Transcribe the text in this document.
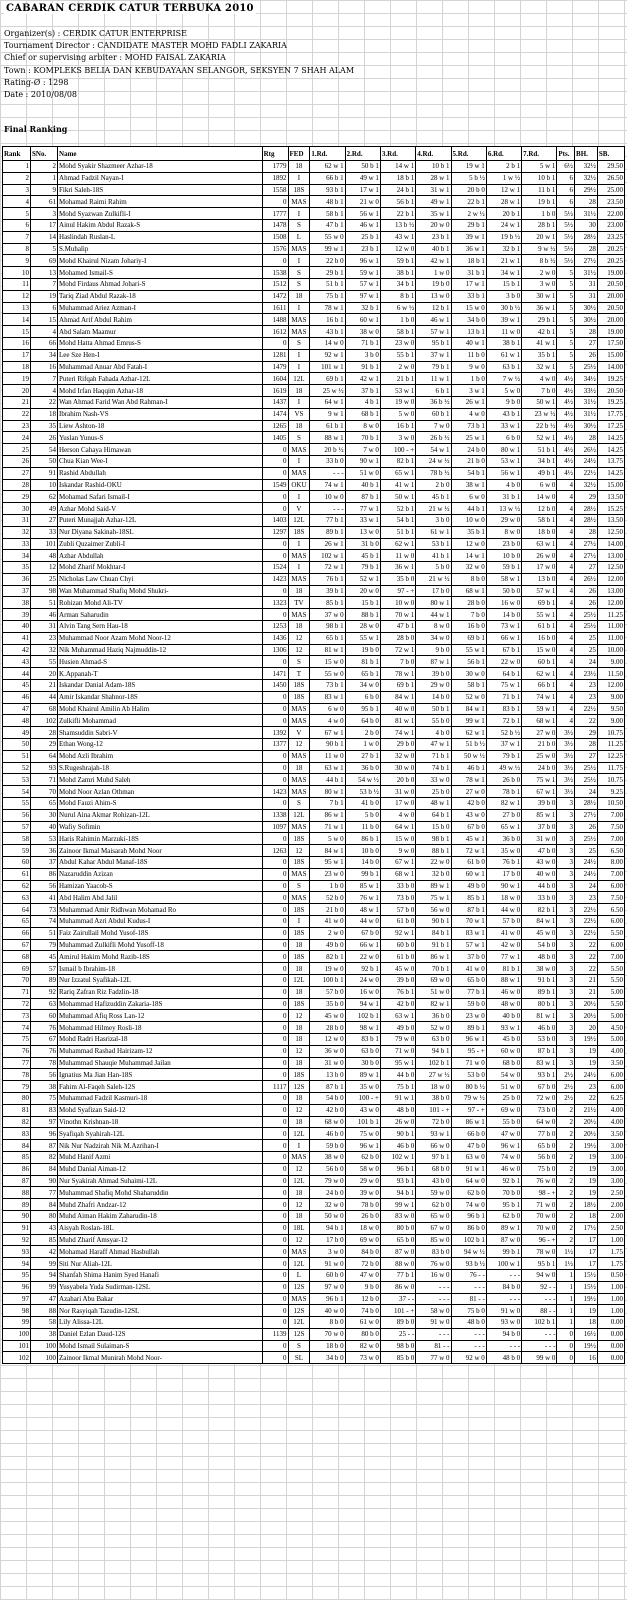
CABARAN CERDIK CATUR TERBUKA 2010
Organizer(s) : CERDIK CATUR ENTERPRISE
Tournament Director : CANDIDATE MASTER MOHD FADLI ZAKARIA
Chief or supervising arbiter : MOHD FAISAL ZAKARIA
Town : KOMPLEKS BELIA DAN KEBUDAYAAN SELANGOR, SEKSYEN 7 SHAH ALAM
Rating-Ø : 1298
Date : 2010/08/08
Final Ranking
Rank	SNo.	Name	Rtg	FED	1.Rd.	2.Rd.	3.Rd.	4.Rd.	5.Rd.	6.Rd.	7.Rd.	Pts.	BH.	SB.
1	2	Mohd Syakir Shazmeer Azhar-18	1779	18	62 w 1	50 b 1	14 w 1	10 b 1	19 w 1	2 b 1	5 w 1	6½	32½	29.50
2	1	Ahmad Fadzil Nayan-I	1892	I	66 b 1	49 w 1	18 b 1	28 w 1	5 b ½	1 w ½	10 b 1	6	32½	26.50
3	9	Fikri Saleh-18S	1558	18S	93 b 1	17 w 1	24 b 1	31 w 1	20 b 0	12 w 1	11 b 1	6	29½	25.00
4	61	Mohamad Raimi Rahim	0	MAS	48 b 1	21 w 0	56 b 1	49 w 1	22 b 1	28 w 1	19 b 1	6	28	23.50
5	3	Mohd Syazwan Zulkifli-I	1777	I	58 b 1	56 w 1	22 b 1	35 w 1	2 w ½	20 b 1	1 b 0	5½	31½	22.00
6	17	Ainul Hakim Abdul Razak-S	1478	S	47 b 1	46 w 1	13 b ½	20 w 0	29 b 1	24 w 1	28 b 1	5½	30	23.00
7	14	Haslindah Ruslan-L	1508	L	55 w 0	25 b 1	43 w 1	23 b 1	39 w 1	19 b ½	20 w 1	5½	28½	23.25
8	5	S.Muhalip	1576	MAS	99 w 1	23 b 1	12 w 0	40 b 1	36 w 1	32 b 1	9 w ½	5½	28	20.25
9	69	Mohd Khairul Nizam Johariy-I	0	I	22 b 0	96 w 1	59 b 1	42 w 1	18 b 1	21 w 1	8 b ½	5½	27½	20.25
10	13	Mohamed Ismail-S	1538	S	29 b 1	59 w 1	38 b 1	1 w 0	31 b 1	34 w 1	2 w 0	5	31½	19.00
11	7	Mohd Firdaus Ahmad Johari-S	1512	S	51 b 1	57 w 1	34 b 1	19 b 0	17 w 1	15 b 1	3 w 0	5	31	20.50
12	19	Tariq Ziad Abdul Razak-18	1472	18	75 b 1	97 w 1	8 b 1	13 w 0	33 b 1	3 b 0	30 w 1	5	31	20.00
13	6	Muhammad Ariez Azman-I	1611	I	78 w 1	32 b 1	6 w ½	12 b 1	15 w 0	30 b ½	36 w 1	5	30½	20.50
14	15	Ahmad Arif Abdul Rahim	1488	MAS	16 b 1	60 w 1	1 b 0	46 w 1	34 b 0	39 w 1	29 b 1	5	30½	20.00
15	4	Abd Salam Maamur	1612	MAS	43 b 1	38 w 0	58 b 1	57 w 1	13 b 1	11 w 0	42 b 1	5	28	19.00
16	66	Mohd Hatta Ahmad Emrus-S	0	S	14 w 0	71 b 1	23 w 0	95 b 1	40 w 1	38 b 1	41 w 1	5	27	17.50
17	34	Lee Sze Hen-I	1281	I	92 w 1	3 b 0	55 b 1	37 w 1	11 b 0	61 w 1	35 b 1	5	26	15.00
18	16	Muhammad Anuar Abd Fatah-I	1479	I	101 w 1	91 b 1	2 w 0	79 b 1	9 w 0	63 b 1	32 w 1	5	25½	14.00
19	7	Puteri Rifqah Fahada Azhar-12L	1604	12L	69 b 1	42 w 1	21 b 1	11 w 1	1 b 0	7 w ½	4 w 0	4½	34½	19.25
20	4	Mohd Irfan Haqqim Azhar-18	1619	18	25 w ½	37 b 1	53 w 1	6 b 1	3 w 1	5 w 0	7 b 0	4½	33½	20.50
21	22	Wan Ahmad Farid Wan Abd Rahman-I	1437	I	64 w 1	4 b 1	19 w 0	36 b ½	26 w 1	9 b 0	50 w 1	4½	31½	19.25
22	18	Ibrahim Nash-VS	1474	VS	9 w 1	68 b 1	5 w 0	60 b 1	4 w 0	43 b 1	23 w ½	4½	31½	17.75
23	35	Liew Ashton-18	1265	18	61 b 1	8 w 0	16 b 1	7 w 0	73 b 1	33 w 1	22 b ½	4½	30½	17.25
24	26	Yuslan Yunus-S	1405	S	88 w 1	70 b 1	3 w 0	26 b ½	25 w 1	6 b 0	52 w 1	4½	28	14.25
25	54	Herson Cahaya Himawan	0	MAS	20 b ½	7 w 0	100 - +	54 w 1	24 b 0	80 w 1	51 b 1	4½	26½	14.25
26	50	Chua Kian Wee-I	0	I	33 b 0	90 w 1	82 b 1	24 w ½	21 b 0	53 w 1	34 b 1	4½	24½	13.75
27	91	Rashid Abdullah	0	MAS	- - -	51 w 0	65 w 1	78 b ½	54 b 1	56 w 1	49 b 1	4½	22½	14.25
28	10	Iskandar Rashid-OKU	1549	OKU	74 w 1	40 b 1	41 w 1	2 b 0	38 w 1	4 b 0	6 w 0	4	32½	15.00
29	62	Mohamad Safari Ismail-I	0	I	10 w 0	87 b 1	50 w 1	45 b 1	6 w 0	31 b 1	14 w 0	4	29	13.50
30	49	Azhar Mohd Said-V	0	V	- - -	77 w 1	52 b 1	21 w ½	44 b 1	13 w ½	12 b 0	4	28½	15.25
31	27	Puteri Munajjah Azhar-12L	1403	12L	77 b 1	33 w 1	54 b 1	3 b 0	10 w 0	29 w 0	58 b 1	4	28½	13.50
32	33	Nur Diyana Sakinah-18SL	1297	18S	89 b 1	13 w 0	51 b 1	61 w 1	35 b 1	8 w 0	18 b 0	4	28	12.50
33	101	Zubli Quzaimer Zubli-I	0	I	26 w 1	31 b 0	62 w 1	53 b 1	12 w 0	23 b 0	63 w 1	4	27½	14.00
34	48	Azhar Abdullah	0	MAS	102 w 1	45 b 1	11 w 0	41 b 1	14 w 1	10 b 0	26 w 0	4	27½	13.00
35	12	Mohd Zharif Mokhtar-I	1524	I	72 w 1	79 b 1	36 w 1	5 b 0	32 w 0	59 b 1	17 w 0	4	27	12.50
36	25	Nicholas Law Chuan Chyi	1423	MAS	76 b 1	52 w 1	35 b 0	21 w ½	8 b 0	58 w 1	13 b 0	4	26½	12.00
37	98	Wan Muhammad Shafiq Mohd Shukri-	0	18	39 b 1	20 w 0	97 - +	17 b 0	68 w 1	50 b 0	57 w 1	4	26	13.00
38	51	Rohizan Mohd Ali-TV	1323	TV	85 b 1	15 b 1	10 w 0	80 w 1	28 b 0	16 w 0	69 b 1	4	26	12.00
39	46	Arman Saharudin	0	MAS	37 w 0	88 b 1	70 w 1	44 w 1	7 b 0	14 b 0	55 w 1	4	25½	11.25
40	31	Alvin Tang Sern Hau-18	1253	18	98 b 1	28 w 0	47 b 1	8 w 0	16 b 0	73 w 1	61 b 1	4	25½	11.00
41	23	Muhammad Noor Azam Mohd Noor-12	1436	12	65 b 1	55 w 1	28 b 0	34 w 0	69 b 1	66 w 1	16 b 0	4	25	11.00
42	32	Nik Muhammad Haziq Najmuddin-12	1306	12	81 w 1	19 b 0	72 w 1	9 b 0	55 w 1	67 b 1	15 w 0	4	25	10.00
43	55	Husien Ahmad-S	0	S	15 w 0	81 b 1	7 b 0	87 w 1	56 b 1	22 w 0	60 b 1	4	24	9.00
44	20	K.Appanah-T	1471	T	55 w 0	65 b 1	78 w 1	39 b 0	30 w 0	64 b 1	62 w 1	4	23½	11.50
45	21	Iskandar Danial Adam-18S	1450	18S	73 b 1	34 w 0	69 b 1	29 w 0	58 b 1	75 w 1	66 b 1	4	23	12.00
46	44	Amir Iskandar Shahnor-18S	0	18S	83 w 1	6 b 0	84 w 1	14 b 0	52 w 0	71 b 1	74 w 1	4	23	9.00
47	68	Mohd Khairul Amilin Ab Halim	0	MAS	6 w 0	95 b 1	40 w 0	50 b 1	84 w 1	83 b 1	59 w 1	4	22½	9.50
48	102	Zulkifli Mohammad	0	MAS	4 w 0	64 b 0	81 w 1	55 b 0	99 w 1	72 b 1	68 w 1	4	22	9.00
49	28	Shamsuddin Sabri-V	1392	V	67 w 1	2 b 0	74 w 1	4 b 0	62 w 1	52 b ½	27 w 0	3½	29	10.75
50	29	Ethan Wong-12	1377	12	90 b 1	1 w 0	29 b 0	47 w 1	51 b ½	37 w 1	21 b 0	3½	28	11.25
51	64	Mohd Azli Ibrahim	0	MAS	11 w 0	27 b 1	32 w 0	71 b 1	50 w ½	79 b 1	25 w 0	3½	27	12.25
52	93	S.Rugeshrajah-18	0	18	63 w 1	36 b 0	30 w 0	74 b 1	46 b 1	49 w ½	24 b 0	3½	25½	11.75
53	71	Mohd Zamri Muhd Saleh	0	MAS	44 b 1	54 w ½	20 b 0	33 w 0	78 w 1	26 b 0	75 w 1	3½	25½	10.75
54	70	Mohd Noor Azlan Othman	1423	MAS	80 w 1	53 b ½	31 w 0	25 b 0	27 w 0	78 b 1	67 w 1	3½	24	9.25
55	65	Mohd Fauzi Ahim-S	0	S	7 b 1	41 b 0	17 w 0	48 w 1	42 b 0	82 w 1	39 b 0	3	28½	10.50
56	30	Nurul Aina Akmar Rohizan-12L	1338	12L	86 w 1	5 b 0	4 w 0	64 b 1	43 w 0	27 b 0	85 w 1	3	27½	7.00
57	40	Wafiy Sofimin	1097	MAS	71 w 1	11 b 0	64 w 1	15 b 0	67 b 0	65 w 1	37 b 0	3	26	7.50
58	53	Haris Rahimin Marzuki-18S	0	18S	5 w 0	86 b 1	15 w 0	98 b 1	45 w 1	36 b 0	31 w 0	3	25½	7.00
59	36	Zainoor Ikmal Maisarah Mohd Noor	1263	12	84 w 1	10 b 0	9 w 0	88 b 1	72 w 1	35 w 0	47 b 0	3	25	6.50
60	37	Abdul Kahar Abdul Manaf-18S	0	18S	95 w 1	14 b 0	67 w 1	22 w 0	61 b 0	76 b 1	43 w 0	3	24½	8.00
61	86	Nazaruddin Azizan	0	MAS	23 w 0	99 b 1	68 w 1	32 b 0	60 w 1	17 b 0	40 w 0	3	24½	7.00
62	56	Hamizan Yaacob-S	0	S	1 b 0	85 w 1	33 b 0	89 w 1	49 b 0	90 w 1	44 b 0	3	24	6.00
63	41	Abd Halim Abd Jalil	0	MAS	52 b 0	76 w 1	73 b 0	75 w 1	85 b 1	18 w 0	33 b 0	3	23	7.50
64	73	Muhammad Amir Ridhwan Mohamad Ro	0	18S	21 b 0	48 w 1	57 b 0	56 w 0	87 b 1	44 w 0	82 b 1	3	22½	6.50
65	74	Muhammad Azri Abdul Kudus-I	0	I	41 w 0	44 w 0	61 b 0	90 b 1	70 w 1	57 b 0	84 w 1	3	22½	6.00
66	51	Faiz Zairullail Mohd Yusof-18S	0	18S	2 w 0	67 b 0	92 w 1	84 b 1	83 w 1	41 w 0	45 w 0	3	22½	5.50
67	79	Muhammad Zulkifli Mohd Yusoff-18	0	18	49 b 0	66 w 1	60 b 0	91 b 1	57 w 1	42 w 0	54 b 0	3	22	6.00
68	45	Amirul Hakim Mohd Razib-18S	0	18S	82 b 1	22 w 0	61 b 0	86 w 1	37 b 0	77 w 1	48 b 0	3	22	7.00
69	57	Ismail b Ibrahim-18	0	18	19 w 0	92 b 1	45 w 0	70 b 1	41 w 0	81 b 1	38 w 0	3	22	5.50
70	89	Nur Izzatul Syafikah-12L	0	12L	100 b 1	24 w 0	39 b 0	69 w 0	65 b 0	88 w 1	91 b 1	3	21	5.50
71	92	Rariq Zafran Riz Fadzlin-18	0	18	57 b 0	16 w 0	76 b 1	51 w 0	77 b 1	46 w 0	89 b 1	3	21	5.00
72	63	Mohammad Hafizuddin Zakaria-18S	0	18S	35 b 0	94 w 1	42 b 0	82 w 1	59 b 0	48 w 0	80 b 1	3	20½	5.50
73	60	Muhammad Afiq Ross Lan-12	0	12	45 w 0	102 b 1	63 w 1	36 b 0	23 w 0	40 b 0	81 w 1	3	20½	5.00
74	76	Mohammad Hilmey Rosli-18	0	18	28 b 0	98 w 1	49 b 0	52 w 0	89 b 1	93 w 1	46 b 0	3	20	4.50
75	67	Mohd Radri Hasrizal-18	0	18	12 w 0	83 b 1	79 w 0	63 b 0	96 w 1	45 b 0	53 b 0	3	19½	5.00
76	76	Muhammad Rashad Hairizam-12	0	12	36 w 0	63 b 0	71 w 0	94 b 1	95 - +	60 w 0	87 b 1	3	19	4.00
77	78	Muhammad Shauqie Muhammad Jailan	0	18	31 w 0	30 b 0	95 w 1	102 b 1	71 w 0	68 b 0	83 w 1	3	19	3.50
78	56	Ignatius Ma Jian Han-18S	0	18S	13 b 0	89 w 1	44 b 0	27 w ½	53 b 0	54 w 0	93 b 1	2½	24½	6.00
79	38	Fahim Al-Faqeh Saleh-12S	1117	12S	87 b 1	35 w 0	75 b 1	18 w 0	80 b ½	51 w 0	67 b 0	2½	23	6.00
80	75	Muhammad Fadzil Kasmuri-18	0	18	54 b 0	100 - +	91 w 1	38 b 0	79 w ½	25 b 0	72 w 0	2½	22	6.25
81	83	Mohd Syafizan Said-12	0	12	42 b 0	43 w 0	48 b 0	101 - +	97 - +	69 w 0	73 b 0	2	21½	4.00
82	97	Vinothn Krishnan-18	0	18	68 w 0	101 b 1	26 w 0	72 b 0	86 w 1	55 b 0	64 w 0	2	20½	4.00
83	96	Syafiqah Syahirah-12L	0	12L	46 b 0	75 w 0	90 b 1	93 w 1	66 b 0	47 w 0	77 b 0	2	20½	3.50
84	87	Nik Nur Nadzirah Nik M.Azrihan-I	0	I	59 b 0	96 w 1	46 b 0	66 w 0	47 b 0	96 w 1	65 b 0	2	19½	3.00
85	82	Muhd Hanif Azmi	0	MAS	38 w 0	62 b 0	102 w 1	97 b 1	63 w 0	74 w 0	56 b 0	2	19	3.00
86	84	Muhd Danial Aiman-12	0	12	56 b 0	58 w 0	96 b 1	68 b 0	91 w 1	46 w 0	75 b 0	2	19	3.00
87	90	Nur Syakirah Ahmad Suhaimi-12L	0	12L	79 w 0	29 w 0	93 b 1	43 b 0	64 w 0	92 b 1	76 w 0	2	19	3.00
88	77	Muhammad Shafiq Mohd Shaharuddin	0	18	24 b 0	39 w 0	94 b 1	59 w 0	62 b 0	70 b 0	98 - +	2	19	2.50
89	84	Muhd Zhafri Andzar-12	0	12	32 w 0	78 b 0	99 w 1	62 b 0	74 w 0	95 b 1	71 w 0	2	18½	2.00
90	80	Muhd Aiman Hakim Zaharudin-18	0	18	50 w 0	26 b 0	83 w 0	65 w 0	96 b 1	62 b 0	70 w 0	2	18	2.00
91	43	Aisyah Roslan-18L	0	18L	94 b 1	18 w 0	80 b 0	67 w 0	86 b 0	89 w 1	70 w 0	2	17½	2.50
92	85	Muhd Zharif Amsyar-12	0	12	17 b 0	69 w 0	65 b 0	85 w 0	102 b 1	87 w 0	96 - +	2	17	1.00
93	42	Mohamad Haraff Ahmad Hasbullah	0	MAS	3 w 0	84 b 0	87 w 0	83 b 0	94 w ½	99 b 1	78 w 0	1½	17	1.75
94	99	Siti Nur Aliah-12L	0	12L	91 w 0	72 b 0	88 w 0	76 w 0	93 b ½	100 w 1	95 b 1	1½	17	1.75
95	94	Shanfah Shima Hanim Syed Hanafi	0	L	60 b 0	47 w 0	77 b 1	16 w 0	76 - -	- - -	94 w 0	1	15½	0.50
96	99	Yusyabela Yuda Sudirman-12SL	0	12S	97 w 0	9 b 0	86 w 0	- - -	- - -	84 b 0	92 - -	1	15½	1.00
97	47	Azahari Abu Bakar	0	MAS	96 b 1	12 b 0	37 - -	- - -	81 - -	- - -	- - -	1	19½	1.00
98	88	Nor Rasyiqah Tazudin-12SL	0	12S	40 w 0	74 b 0	101 - +	58 w 0	75 b 0	91 w 0	88 - -	1	19	1.00
99	58	Lily Alissa-12L	0	12L	8 b 0	61 w 0	89 b 0	91 w 0	48 b 0	93 w 0	102 b 1	1	18	0.00
100	38	Daniel Ezlan Daud-12S	1139	12S	70 w 0	80 b 0	25 - -	- - -	- - -	94 b 0	- - -	0	16½	0.00
101	100	Mohd Ismail Sulaiman-S	0	S	18 b 0	82 w 0	98 b 0	81 - -	- - -	- - -	- - -	0	19½	0.00
102	100	Zainoor Ikmal Munirah Mohd Noor-	0	SL	34 b 0	73 w 0	85 b 0	77 w 0	92 w 0	48 b 0	99 w 0	0	16	0.00
